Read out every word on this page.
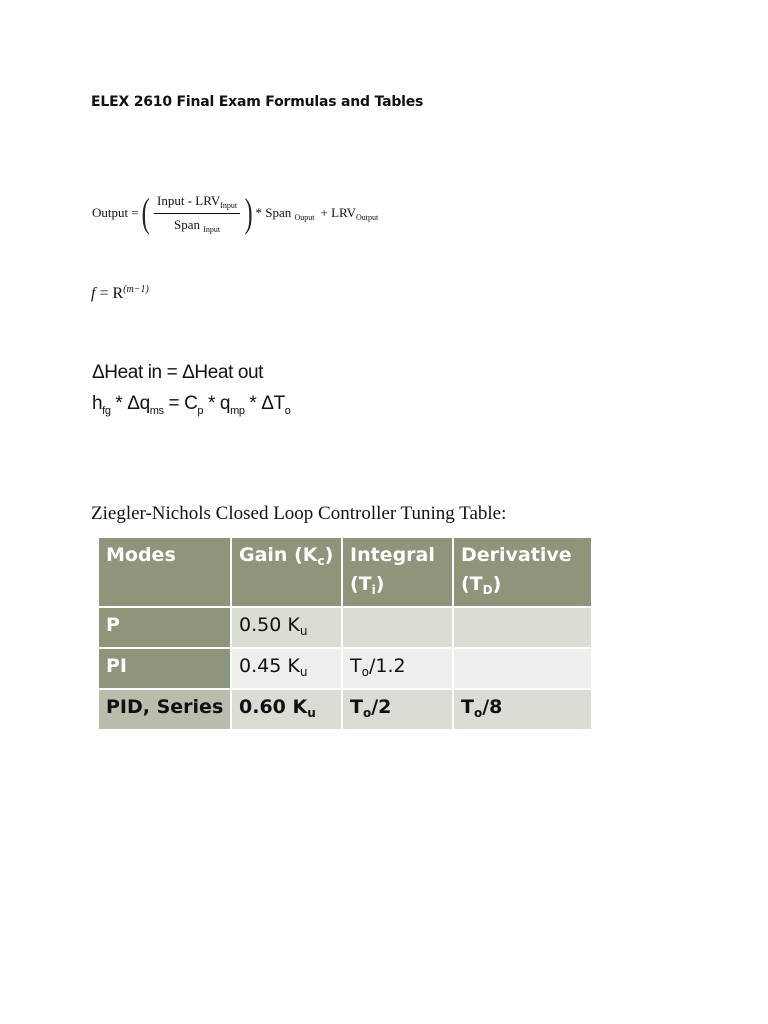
ELEX 2610 Final Exam Formulas and Tables
Output = ( $\frac{Input - LRV_{Input}}{Span _{Input}}$ ) * Span $_{Ouput} + LRV_{Output}$
$f = R^{(m-1)}$
ΔHeat in = ΔHeat out
$h_{fg} * \Delta q_{ms} = C_p * q_{mp} * \Delta T_o$
Ziegler-Nichols Closed Loop Controller Tuning Table:
Modes	Gain $(K_c)$	Integral $(T_i)$	Derivative $(T_D)$
P	0.50 $K_u$		
PI	0.45 $K_u$	$T_o/1.2$	
PID, Series	0.60 $K_u$	$T_o/2$	$T_o/8$
